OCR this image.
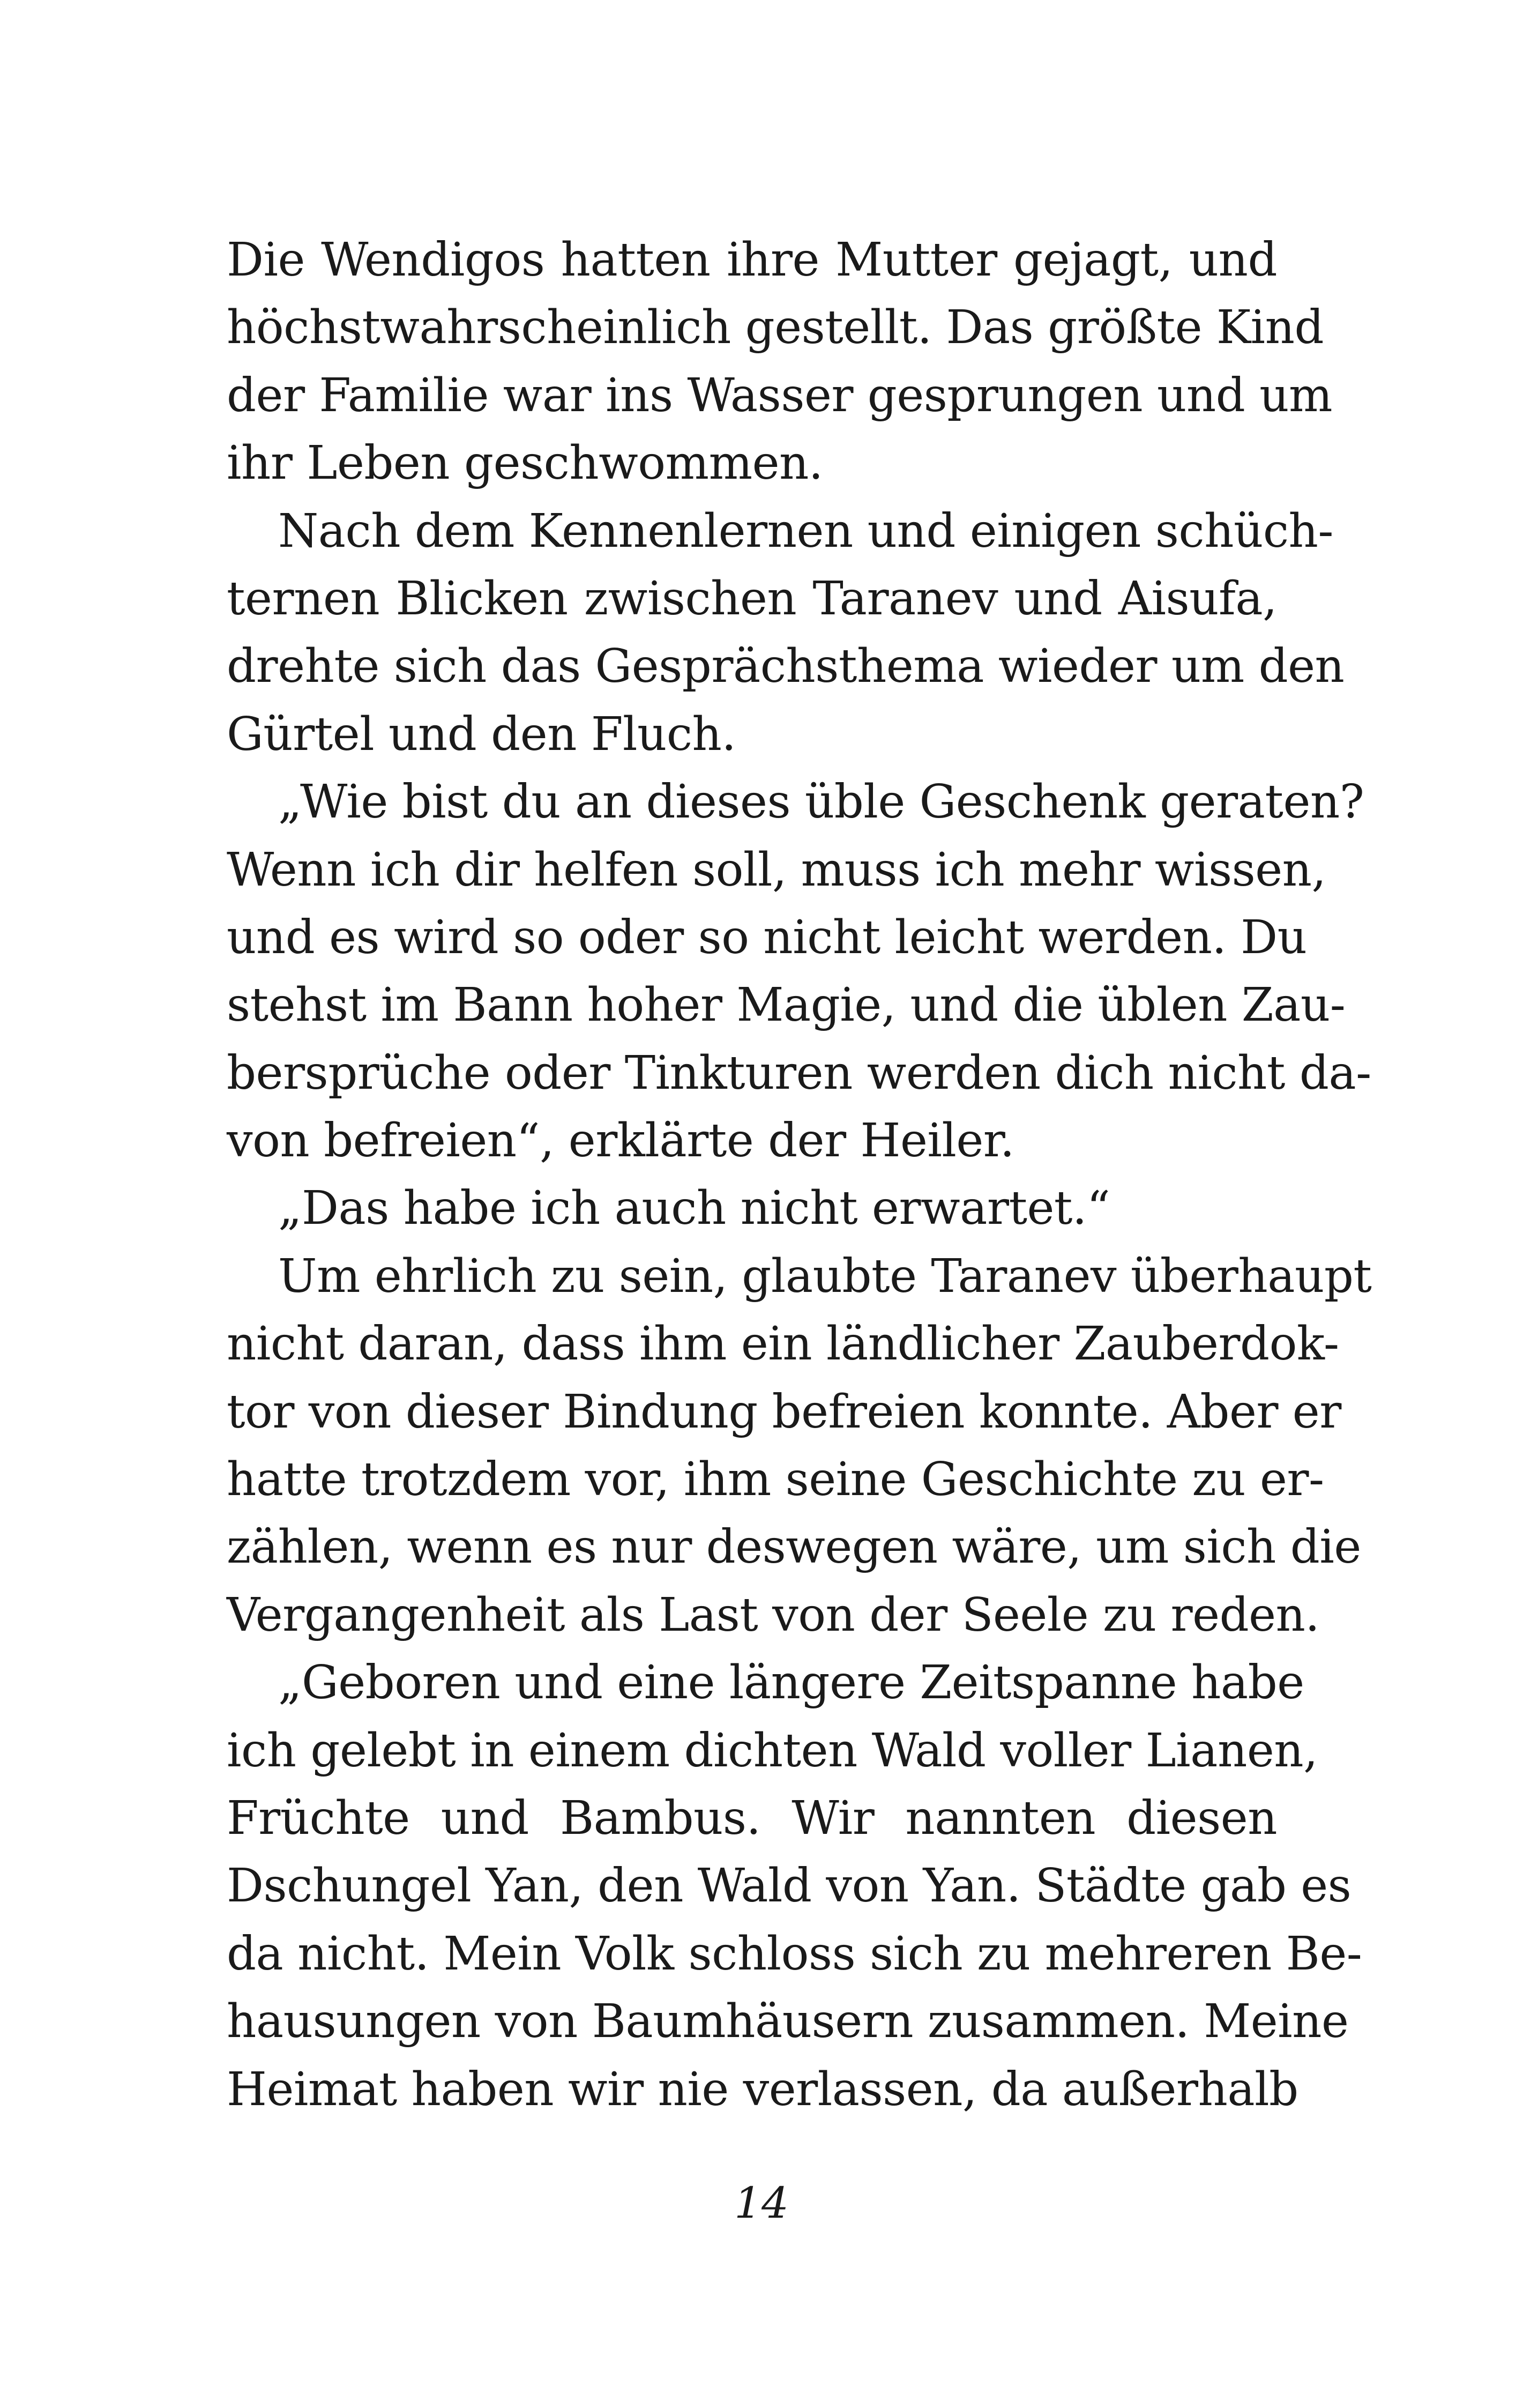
Die Wendigos hatten ihre Mutter gejagt, und
höchstwahrscheinlich gestellt. Das größte Kind
der Familie war ins Wasser gesprungen und um
ihr Leben geschwommen.
Nach dem Kennenlernen und einigen schüch-
ternen Blicken zwischen Taranev und Aisufa,
drehte sich das Gesprächsthema wieder um den
Gürtel und den Fluch.
„Wie bist du an dieses üble Geschenk geraten?
Wenn ich dir helfen soll, muss ich mehr wissen,
und es wird so oder so nicht leicht werden. Du
stehst im Bann hoher Magie, und die üblen Zau-
bersprüche oder Tinkturen werden dich nicht da-
von befreien“, erklärte der Heiler.
„Das habe ich auch nicht erwartet.“
Um ehrlich zu sein, glaubte Taranev überhaupt
nicht daran, dass ihm ein ländlicher Zauberdok-
tor von dieser Bindung befreien konnte. Aber er
hatte trotzdem vor, ihm seine Geschichte zu er-
zählen, wenn es nur deswegen wäre, um sich die
Vergangenheit als Last von der Seele zu reden.
„Geboren und eine längere Zeitspanne habe
ich gelebt in einem dichten Wald voller Lianen,
Früchte und Bambus. Wir nannten diesen
Dschungel Yan, den Wald von Yan. Städte gab es
da nicht. Mein Volk schloss sich zu mehreren Be-
hausungen von Baumhäusern zusammen. Meine
Heimat haben wir nie verlassen, da außerhalb
14
